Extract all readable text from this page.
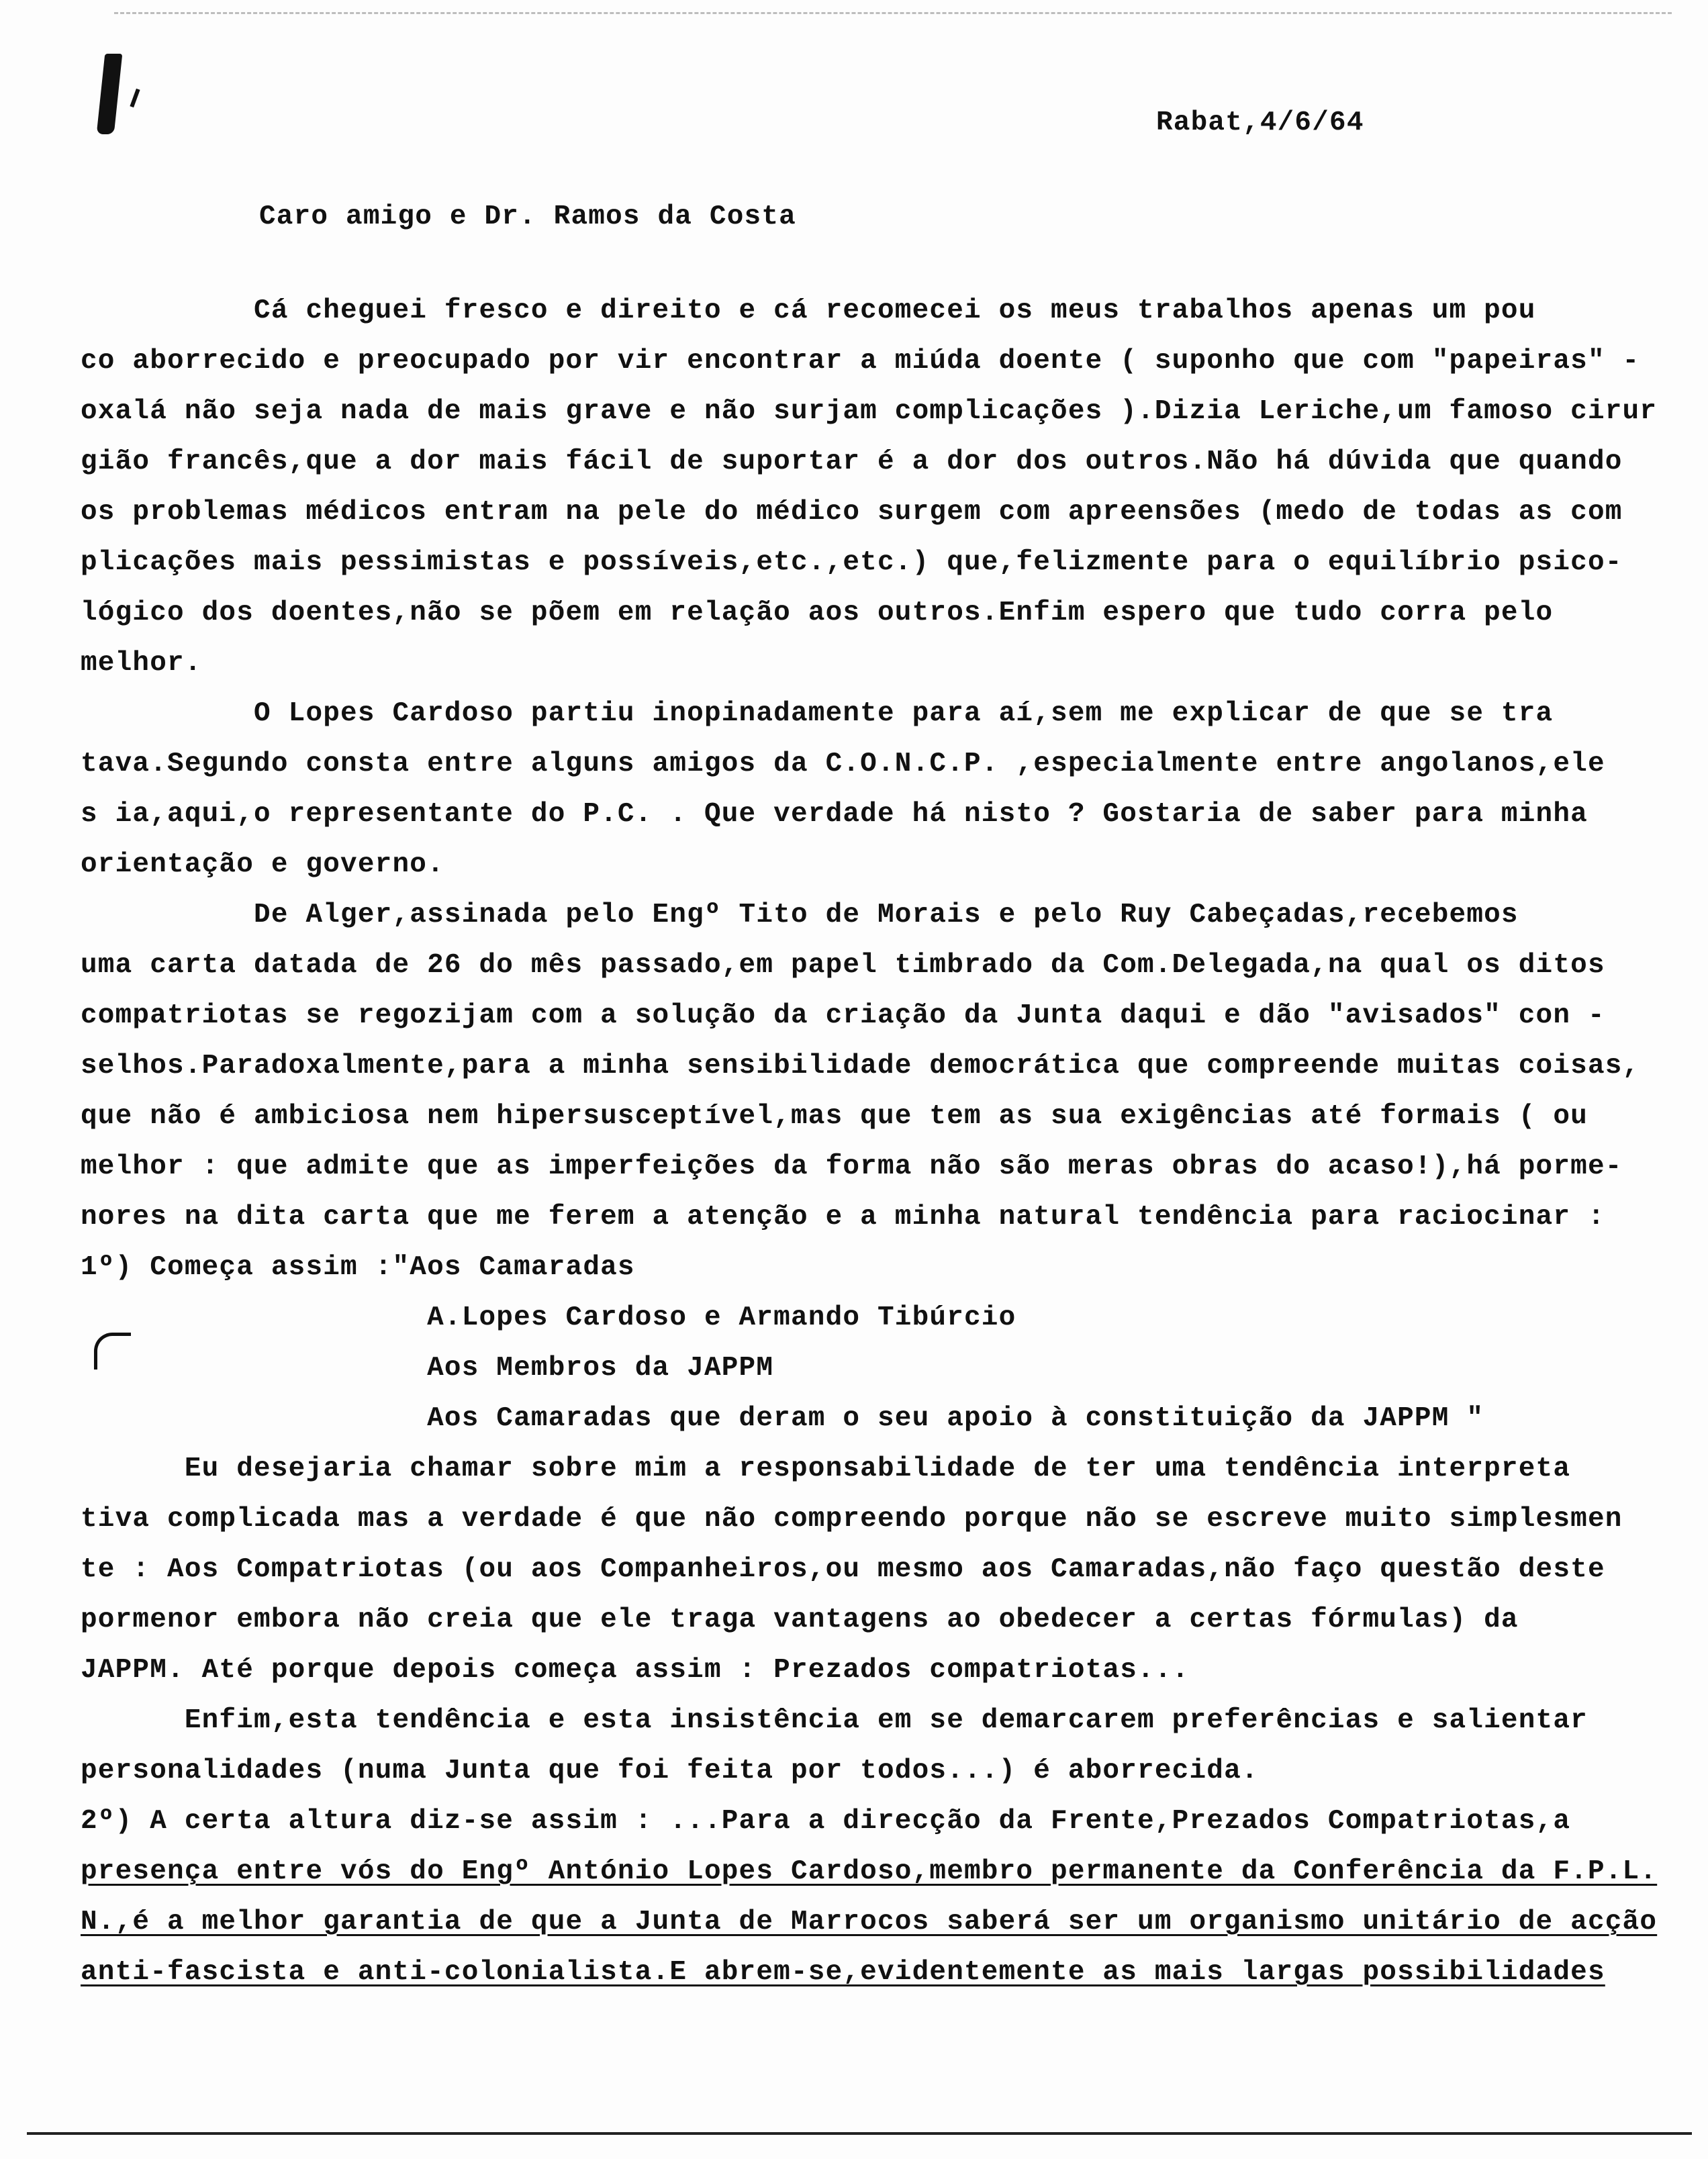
Rabat,4/6/64
Caro amigo e Dr. Ramos da Costa
Cá cheguei fresco e direito e cá recomecei os meus trabalhos apenas um pou
co aborrecido e preocupado por vir encontrar a miúda doente ( suponho que com "papeiras" -
oxalá não seja nada de mais grave e não surjam complicações ).Dizia Leriche,um famoso cirur
gião francês,que a dor mais fácil de suportar é a dor dos outros.Não há dúvida que quando
os problemas médicos entram na pele do médico surgem com apreensões (medo de todas as com
plicações mais pessimistas e possíveis,etc.,etc.) que,felizmente para o equilíbrio psico-
lógico dos doentes,não se põem em relação aos outros.Enfim espero que tudo corra pelo
melhor.
O Lopes Cardoso partiu inopinadamente para aí,sem me explicar de que se tra
tava.Segundo consta entre alguns amigos da C.O.N.C.P. ,especialmente entre angolanos,ele
s ia,aqui,o representante do P.C. . Que verdade há nisto ? Gostaria de saber para minha
orientação e governo.
De Alger,assinada pelo Engº Tito de Morais e pelo Ruy Cabeçadas,recebemos
uma carta datada de 26 do mês passado,em papel timbrado da Com.Delegada,na qual os ditos
compatriotas se regozijam com a solução da criação da Junta daqui e dão "avisados" con -
selhos.Paradoxalmente,para a minha sensibilidade democrática que compreende muitas coisas,
que não é ambiciosa nem hipersusceptível,mas que tem as sua exigências até formais ( ou
melhor : que admite que as imperfeições da forma não são meras obras do acaso!),há porme-
nores na dita carta que me ferem a atenção e a minha natural tendência para raciocinar :
1º) Começa assim :"Aos Camaradas
A.Lopes Cardoso e Armando Tibúrcio
Aos Membros da JAPPM
Aos Camaradas que deram o seu apoio à constituição da JAPPM "
Eu desejaria chamar sobre mim a responsabilidade de ter uma tendência interpreta
tiva complicada mas a verdade é que não compreendo porque não se escreve muito simplesmen
te : Aos Compatriotas (ou aos Companheiros,ou mesmo aos Camaradas,não faço questão deste
pormenor embora não creia que ele traga vantagens ao obedecer a certas fórmulas) da
JAPPM. Até porque depois começa assim : Prezados compatriotas...
Enfim,esta tendência e esta insistência em se demarcarem preferências e salientar
personalidades (numa Junta que foi feita por todos...) é aborrecida.
2º) A certa altura diz-se assim : ...Para a direcção da Frente,Prezados Compatriotas,a
presença entre vós do Engº António Lopes Cardoso,membro permanente da Conferência da F.P.L.
N.,é a melhor garantia de que a Junta de Marrocos saberá ser um organismo unitário de acção
anti-fascista e anti-colonialista.E abrem-se,evidentemente as mais largas possibilidades
